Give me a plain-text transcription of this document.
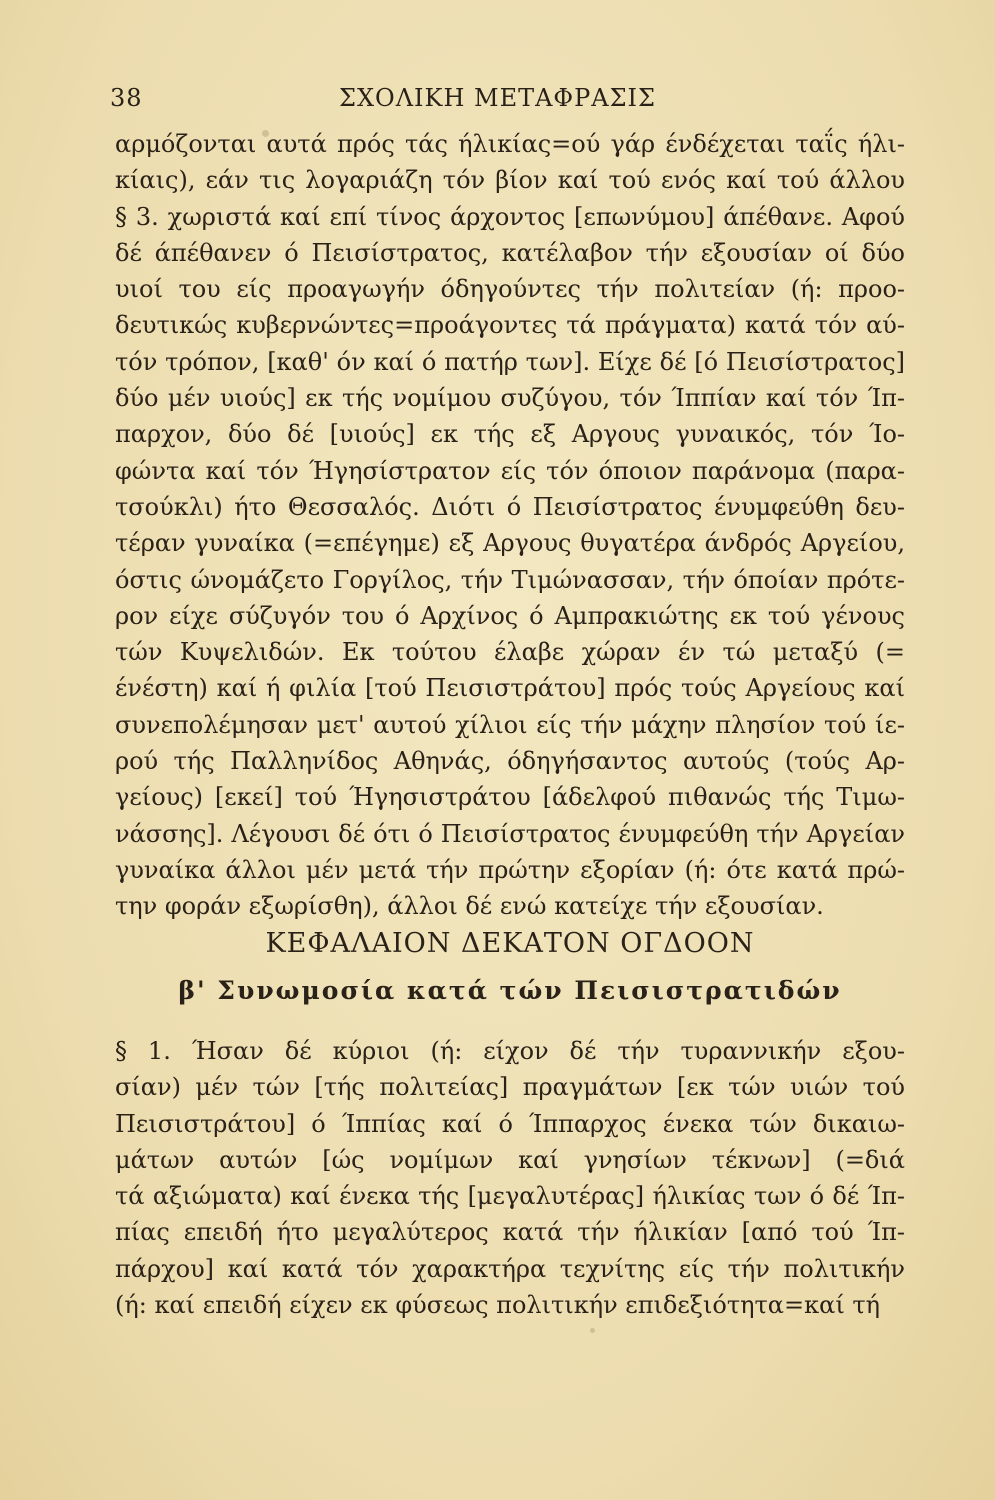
38	ΣΧΟΛΙΚΗ ΜΕΤΑΦΡΑΣΙΣ
αρμόζονται αυτά πρός τάς ήλικίας=ού γάρ ένδέχεται ταΐς ήλι-
κίαις), εάν τις λογαριάζη τόν βίον καί τού ενός καί τού άλλου
§ 3. χωριστά καί επί τίνος άρχοντος [επωνύμου] άπέθανε. Αφού
δέ άπέθανεν ό Πεισίστρατος, κατέλαβον τήν εξουσίαν οί δύο
υιοί του είς προαγωγήν όδηγούντες τήν πολιτείαν (ή: προο-
δευτικώς κυβερνώντες=προάγοντες τά πράγματα) κατά τόν αύ-
τόν τρόπον, [καθ' όν καί ό πατήρ των]. Είχε δέ [ό Πεισίστρατος]
δύο μέν υιούς] εκ τής νομίμου συζύγου, τόν Ίππίαν καί τόν Ίπ-
παρχον, δύο δέ [υιούς] εκ τής εξ Αργους γυναικός, τόν Ίο-
φώντα καί τόν Ήγησίστρατον είς τόν όποιον παράνομα (παρα-
τσούκλι) ήτο Θεσσαλός. Διότι ό Πεισίστρατος ένυμφεύθη δευ-
τέραν γυναίκα (=επέγημε) εξ Αργους θυγατέρα άνδρός Αργείου,
όστις ώνομάζετο Γοργίλος, τήν Τιμώνασσαν, τήν όποίαν πρότε-
ρον είχε σύζυγόν του ό Αρχίνος ό Αμπρακιώτης εκ τού γένους
τών Κυψελιδών. Εκ τούτου έλαβε χώραν έν τώ μεταξύ (=
ένέστη) καί ή φιλία [τού Πεισιστράτου] πρός τούς Αργείους καί
συνεπολέμησαν μετ' αυτού χίλιοι είς τήν μάχην πλησίον τού ίε-
ρού τής Παλληνίδος Αθηνάς, όδηγήσαντος αυτούς (τούς Αρ-
γείους) [εκεί] τού Ήγησιστράτου [άδελφού πιθανώς τής Τιμω-
νάσσης]. Λέγουσι δέ ότι ό Πεισίστρατος ένυμφεύθη τήν Αργείαν
γυναίκα άλλοι μέν μετά τήν πρώτην εξορίαν (ή: ότε κατά πρώ-
την φοράν εξωρίσθη), άλλοι δέ ενώ κατείχε τήν εξουσίαν.
ΚΕΦΑΛΑΙΟΝ ΔΕΚΑΤΟΝ ΟΓΔΟΟΝ
β' Συνωμοσία κατά τών Πεισιστρατιδών
§ 1. Ήσαν δέ κύριοι (ή: είχον δέ τήν τυραννικήν εξου-
σίαν) μέν τών [τής πολιτείας] πραγμάτων [εκ τών υιών τού
Πεισιστράτου] ό Ίππίας καί ό Ίππαρχος ένεκα τών δικαιω-
μάτων αυτών [ώς νομίμων καί γνησίων τέκνων] (=διά
τά αξιώματα) καί ένεκα τής [μεγαλυτέρας] ήλικίας των ό δέ Ίπ-
πίας επειδή ήτο μεγαλύτερος κατά τήν ήλικίαν [από τού Ίπ-
πάρχου] καί κατά τόν χαρακτήρα τεχνίτης είς τήν πολιτικήν
(ή: καί επειδή είχεν εκ φύσεως πολιτικήν επιδεξιότητα=καί τή
